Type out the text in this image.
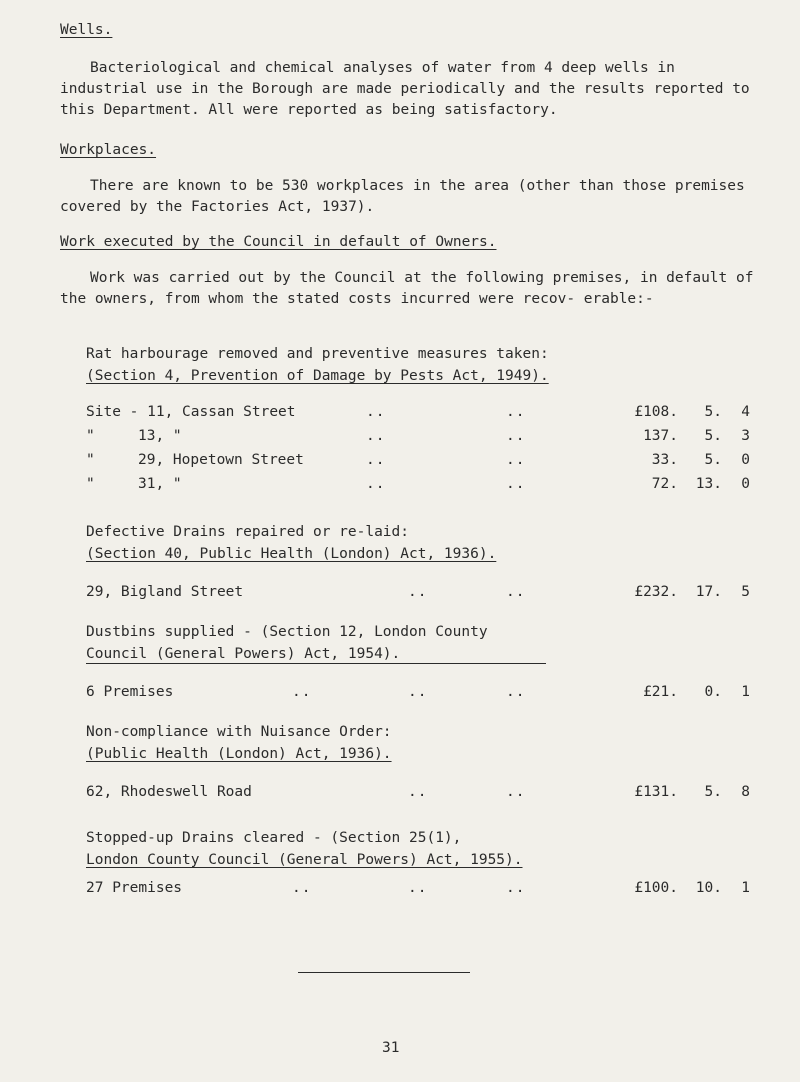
Wells.
Bacteriological and chemical analyses of water from 4 deep wells in industrial use in the Borough are made periodically and the results reported to this Department. All were reported as being satisfactory.
Workplaces.
There are known to be 530 workplaces in the area (other than those premises covered by the Factories Act, 1937).
Work executed by the Council in default of Owners.
Work was carried out by the Council at the following premises, in default of the owners, from whom the stated costs incurred were recov- erable:-
Rat harbourage removed and preventive measures taken:
(Section 4, Prevention of Damage by Pests Act, 1949).
Site - 11, Cassan Street	..	..	£108.	5.	4
"	13, "	..	..	137.	5.	3
"	29, Hopetown Street	..	..	33.	5.	0
"	31, "	..	..	72.	13.	0
Defective Drains repaired or re-laid:
(Section 40, Public Health (London) Act, 1936).
29, Bigland Street	..	..	£232.	17.	5
Dustbins supplied - (Section 12, London County
Council (General Powers) Act, 1954).
6 Premises	..	..	..	£21.	0.	1
Non-compliance with Nuisance Order:
(Public Health (London) Act, 1936).
62, Rhodeswell Road	..	..	£131.	5.	8
Stopped-up Drains cleared - (Section 25(1),
London County Council (General Powers) Act, 1955).
27 Premises	..	..	..	£100.	10.	1
31
